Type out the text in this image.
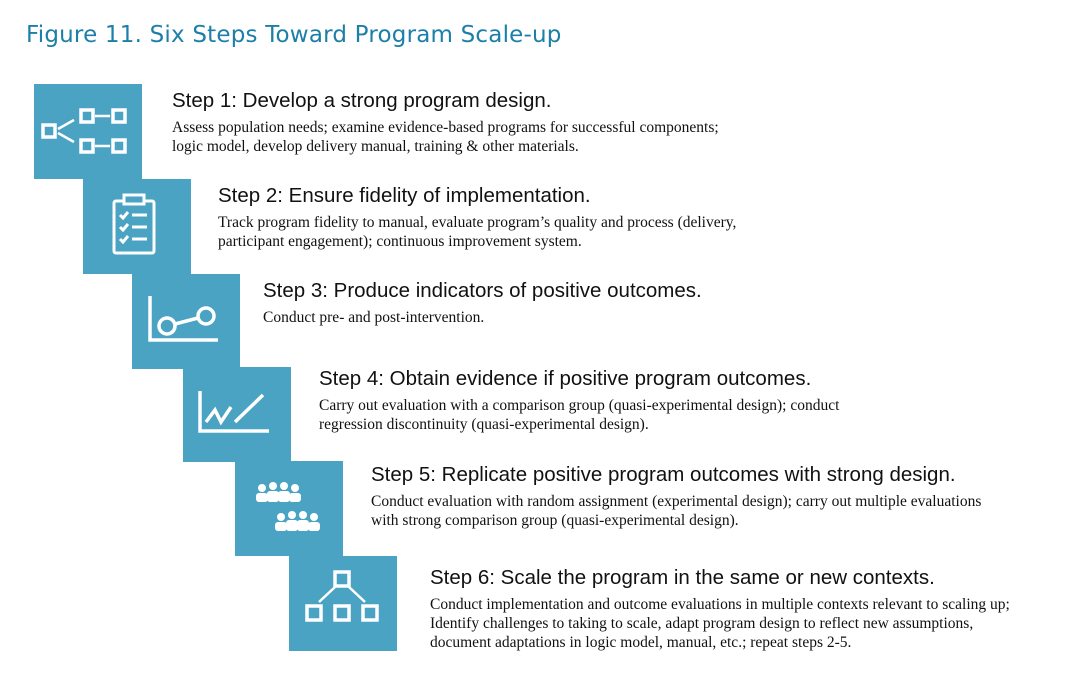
Figure 11. Six Steps Toward Program Scale-up
Step 1: Develop a strong program design.
Assess population needs; examine evidence-based programs for successful components; logic model, develop delivery manual, training & other materials.
Step 2: Ensure fidelity of implementation.
Track program fidelity to manual, evaluate program’s quality and process (delivery, participant engagement); continuous improvement system.
Step 3: Produce indicators of positive outcomes.
Conduct pre- and post-intervention.
Step 4: Obtain evidence if positive program outcomes.
Carry out evaluation with a comparison group (quasi-experimental design); conduct regression discontinuity (quasi-experimental design).
Step 5: Replicate positive program outcomes with strong design.
Conduct evaluation with random assignment (experimental design); carry out multiple evaluations with strong comparison group (quasi-experimental design).
Step 6: Scale the program in the same or new contexts.
Conduct implementation and outcome evaluations in multiple contexts relevant to scaling up; Identify challenges to taking to scale, adapt program design to reflect new assumptions, document adaptations in logic model, manual, etc.; repeat steps 2-5.
